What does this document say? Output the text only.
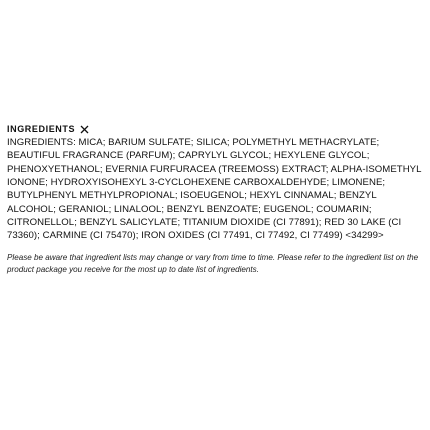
INGREDIENTS

INGREDIENTS: MICA; BARIUM SULFATE; SILICA; POLYMETHYL METHACRYLATE; BEAUTIFUL FRAGRANCE (PARFUM); CAPRYLYL GLYCOL; HEXYLENE GLYCOL; PHENOXYETHANOL; EVERNIA FURFURACEA (TREEMOSS) EXTRACT; ALPHA-ISOMETHYL IONONE; HYDROXYISOHEXYL 3-CYCLOHEXENE CARBOXALDEHYDE; LIMONENE; BUTYLPHENYL METHYLPROPIONAL; ISOEUGENOL; HEXYL CINNAMAL; BENZYL ALCOHOL; GERANIOL; LINALOOL; BENZYL BENZOATE; EUGENOL; COUMARIN; CITRONELLOL; BENZYL SALICYLATE; TITANIUM DIOXIDE (CI 77891); RED 30 LAKE (CI 73360); CARMINE (CI 75470); IRON OXIDES (CI 77491, CI 77492, CI 77499) <34299>

Please be aware that ingredient lists may change or vary from time to time. Please refer to the ingredient list on the product package you receive for the most up to date list of ingredients.
